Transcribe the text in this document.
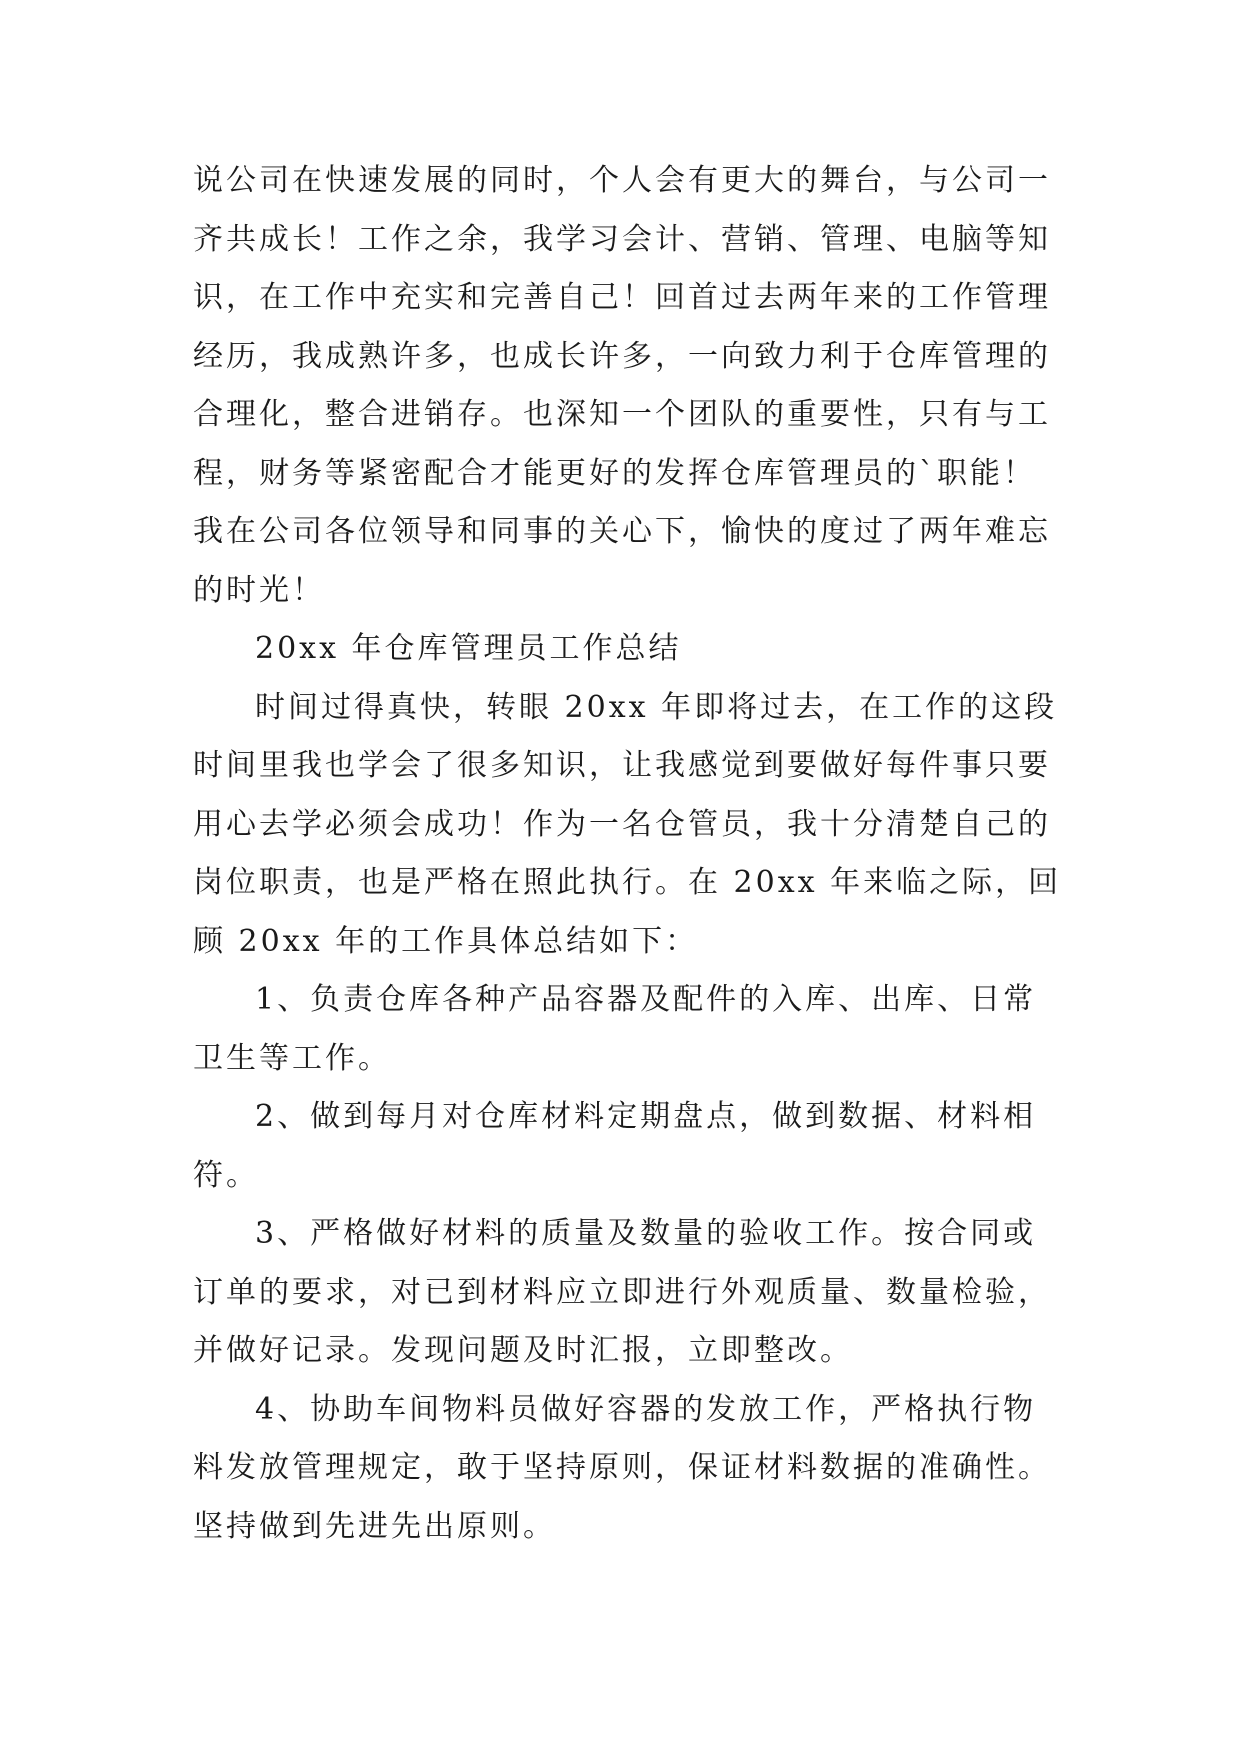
说公司在快速发展的同时，个人会有更大的舞台，与公司一
齐共成长！工作之余，我学习会计、营销、管理、电脑等知
识，在工作中充实和完善自己！回首过去两年来的工作管理
经历，我成熟许多，也成长许多，一向致力利于仓库管理的
合理化，整合进销存。也深知一个团队的重要性，只有与工
程，财务等紧密配合才能更好的发挥仓库管理员的`职能！
我在公司各位领导和同事的关心下，愉快的度过了两年难忘
的时光！
20xx 年仓库管理员工作总结
时间过得真快，转眼 20xx 年即将过去，在工作的这段
时间里我也学会了很多知识，让我感觉到要做好每件事只要
用心去学必须会成功！作为一名仓管员，我十分清楚自己的
岗位职责，也是严格在照此执行。在 20xx 年来临之际，回
顾 20xx 年的工作具体总结如下：
1、负责仓库各种产品容器及配件的入库、出库、日常
卫生等工作。
2、做到每月对仓库材料定期盘点，做到数据、材料相
符。
3、严格做好材料的质量及数量的验收工作。按合同或
订单的要求，对已到材料应立即进行外观质量、数量检验，
并做好记录。发现问题及时汇报，立即整改。
4、协助车间物料员做好容器的发放工作，严格执行物
料发放管理规定，敢于坚持原则，保证材料数据的准确性。
坚持做到先进先出原则。
